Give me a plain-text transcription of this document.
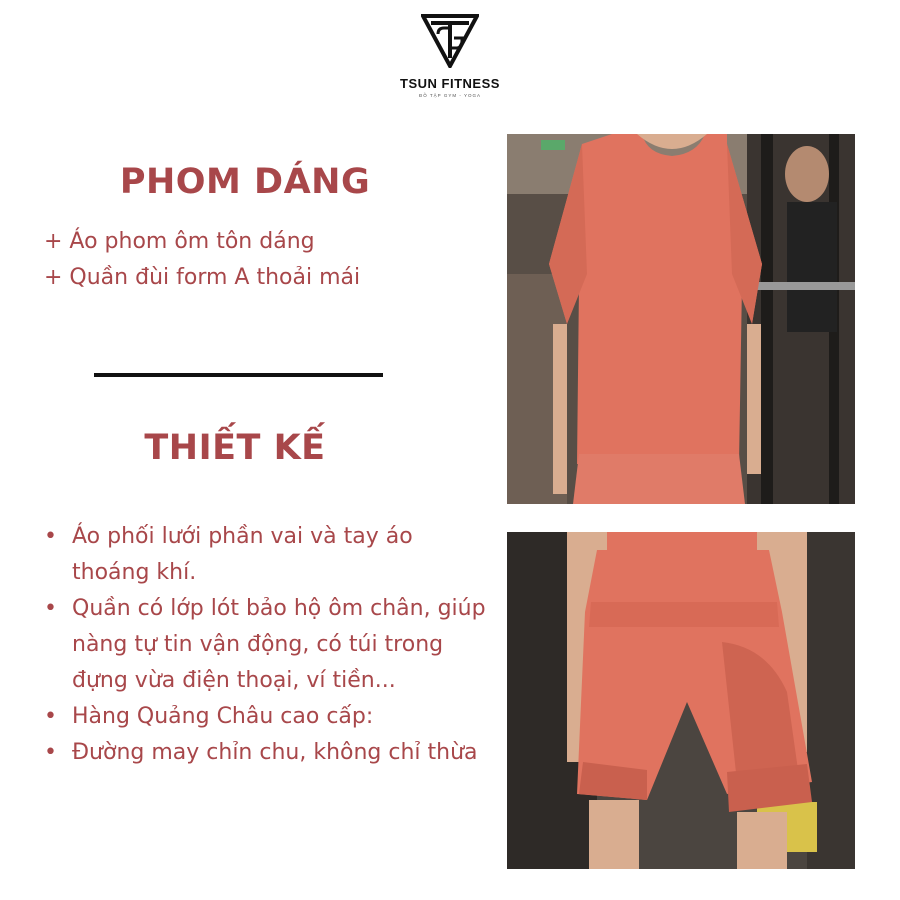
TSUN FITNESS
ĐỒ TẬP GYM - YOGA
PHOM DÁNG
+ Áo phom ôm tôn dáng
+ Quần đùi form A thoải mái
THIẾT KẾ
• Áo phối lưới phần vai và tay áo thoáng khí.
• Quần có lớp lót bảo hộ ôm chân, giúp nàng tự tin vận động, có túi trong đựng vừa điện thoại, ví tiền...
• Hàng Quảng Châu cao cấp:
• Đường may chỉn chu, không chỉ thừa
